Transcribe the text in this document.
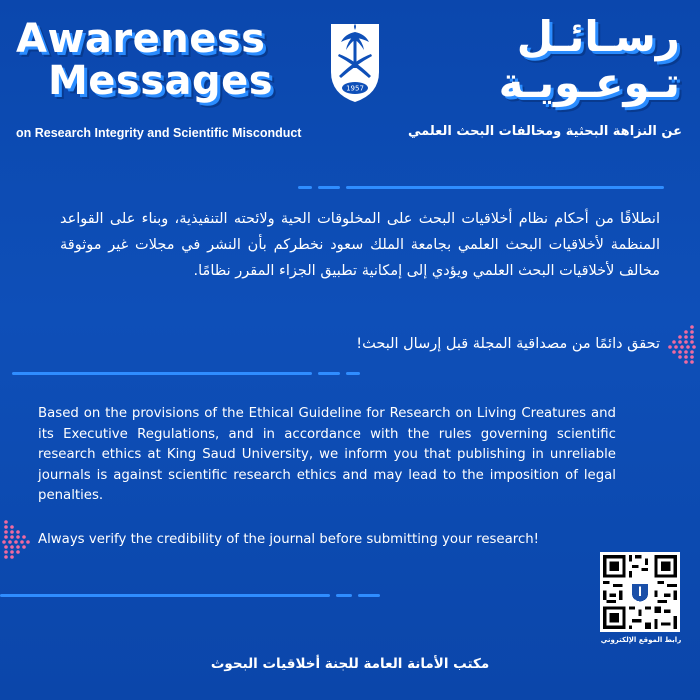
Awareness
Messages
رسـائـل
تـوعـويـة
1957
on Research Integrity and Scientific Misconduct	عن النزاهة البحثية ومخالفات البحث العلمي
انطلاقًا من أحكام نظام أخلاقيات البحث على المخلوقات الحية ولائحته التنفيذية، وبناء على القواعد المنظمة لأخلاقيات البحث العلمي بجامعة الملك سعود نخطركم بأن النشر في مجلات غير موثوقة مخالف لأخلاقيات البحث العلمي ويؤدي إلى إمكانية تطبيق الجزاء المقرر نظامًا.
تحقق دائمًا من مصداقية المجلة قبل إرسال البحث!
Based on the provisions of the Ethical Guideline for Research on Living Creatures and its Executive Regulations, and in accordance with the rules governing scientific research ethics at King Saud University, we inform you that publishing in unreliable journals is against scientific research ethics and may lead to the imposition of legal penalties.
Always verify the credibility of the journal before submitting your research!
رابط الموقع الإلكتروني
مكتب الأمانة العامة للجنة أخلاقيات البحوث
